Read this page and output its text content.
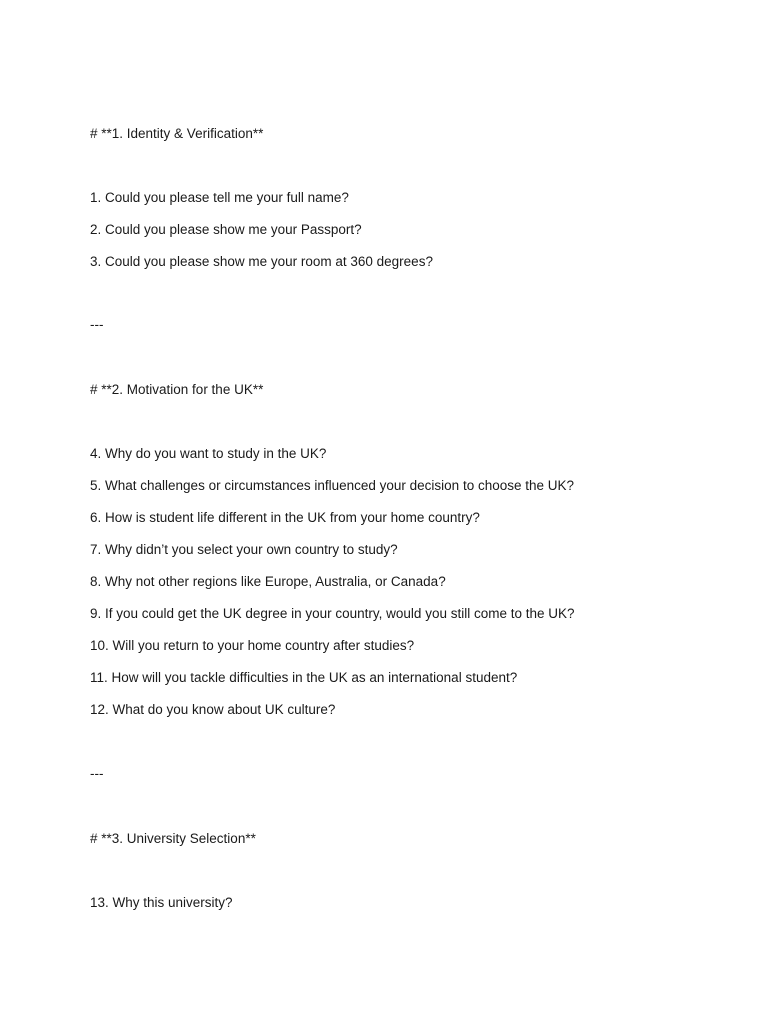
# **1. Identity & Verification**
1. Could you please tell me your full name?
2. Could you please show me your Passport?
3. Could you please show me your room at 360 degrees?
---
# **2. Motivation for the UK**
4. Why do you want to study in the UK?
5. What challenges or circumstances influenced your decision to choose the UK?
6. How is student life different in the UK from your home country?
7. Why didn’t you select your own country to study?
8. Why not other regions like Europe, Australia, or Canada?
9. If you could get the UK degree in your country, would you still come to the UK?
10. Will you return to your home country after studies?
11. How will you tackle difficulties in the UK as an international student?
12. What do you know about UK culture?
---
# **3. University Selection**
13. Why this university?
